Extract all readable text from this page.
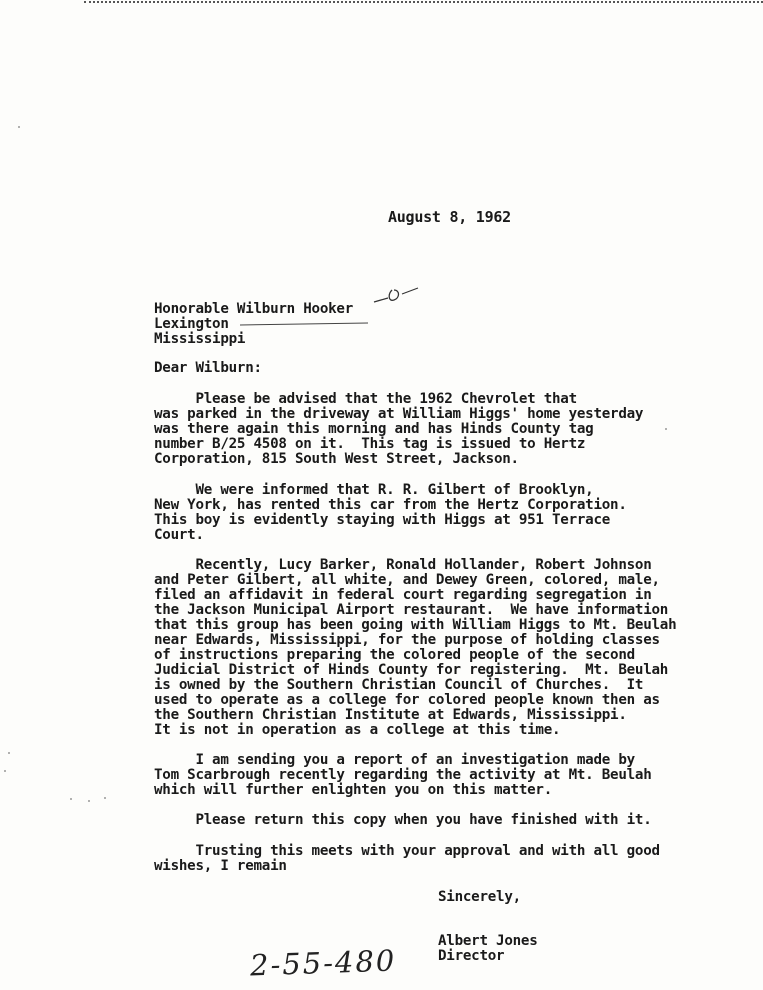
August 8, 1962
Honorable Wilburn Hooker
Lexington
Mississippi
Dear Wilburn:
Please be advised that the 1962 Chevrolet that
was parked in the driveway at William Higgs' home yesterday
was there again this morning and has Hinds County tag
number B/25 4508 on it.  This tag is issued to Hertz
Corporation, 815 South West Street, Jackson.
We were informed that R. R. Gilbert of Brooklyn,
New York, has rented this car from the Hertz Corporation.
This boy is evidently staying with Higgs at 951 Terrace
Court.
Recently, Lucy Barker, Ronald Hollander, Robert Johnson
and Peter Gilbert, all white, and Dewey Green, colored, male,
filed an affidavit in federal court regarding segregation in
the Jackson Municipal Airport restaurant.  We have information
that this group has been going with William Higgs to Mt. Beulah
near Edwards, Mississippi, for the purpose of holding classes
of instructions preparing the colored people of the second
Judicial District of Hinds County for registering.  Mt. Beulah
is owned by the Southern Christian Council of Churches.  It
used to operate as a college for colored people known then as
the Southern Christian Institute at Edwards, Mississippi.
It is not in operation as a college at this time.
I am sending you a report of an investigation made by
Tom Scarbrough recently regarding the activity at Mt. Beulah
which will further enlighten you on this matter.
Please return this copy when you have finished with it.
Trusting this meets with your approval and with all good
wishes, I remain
Sincerely,
Albert Jones
Director
2-55-480
